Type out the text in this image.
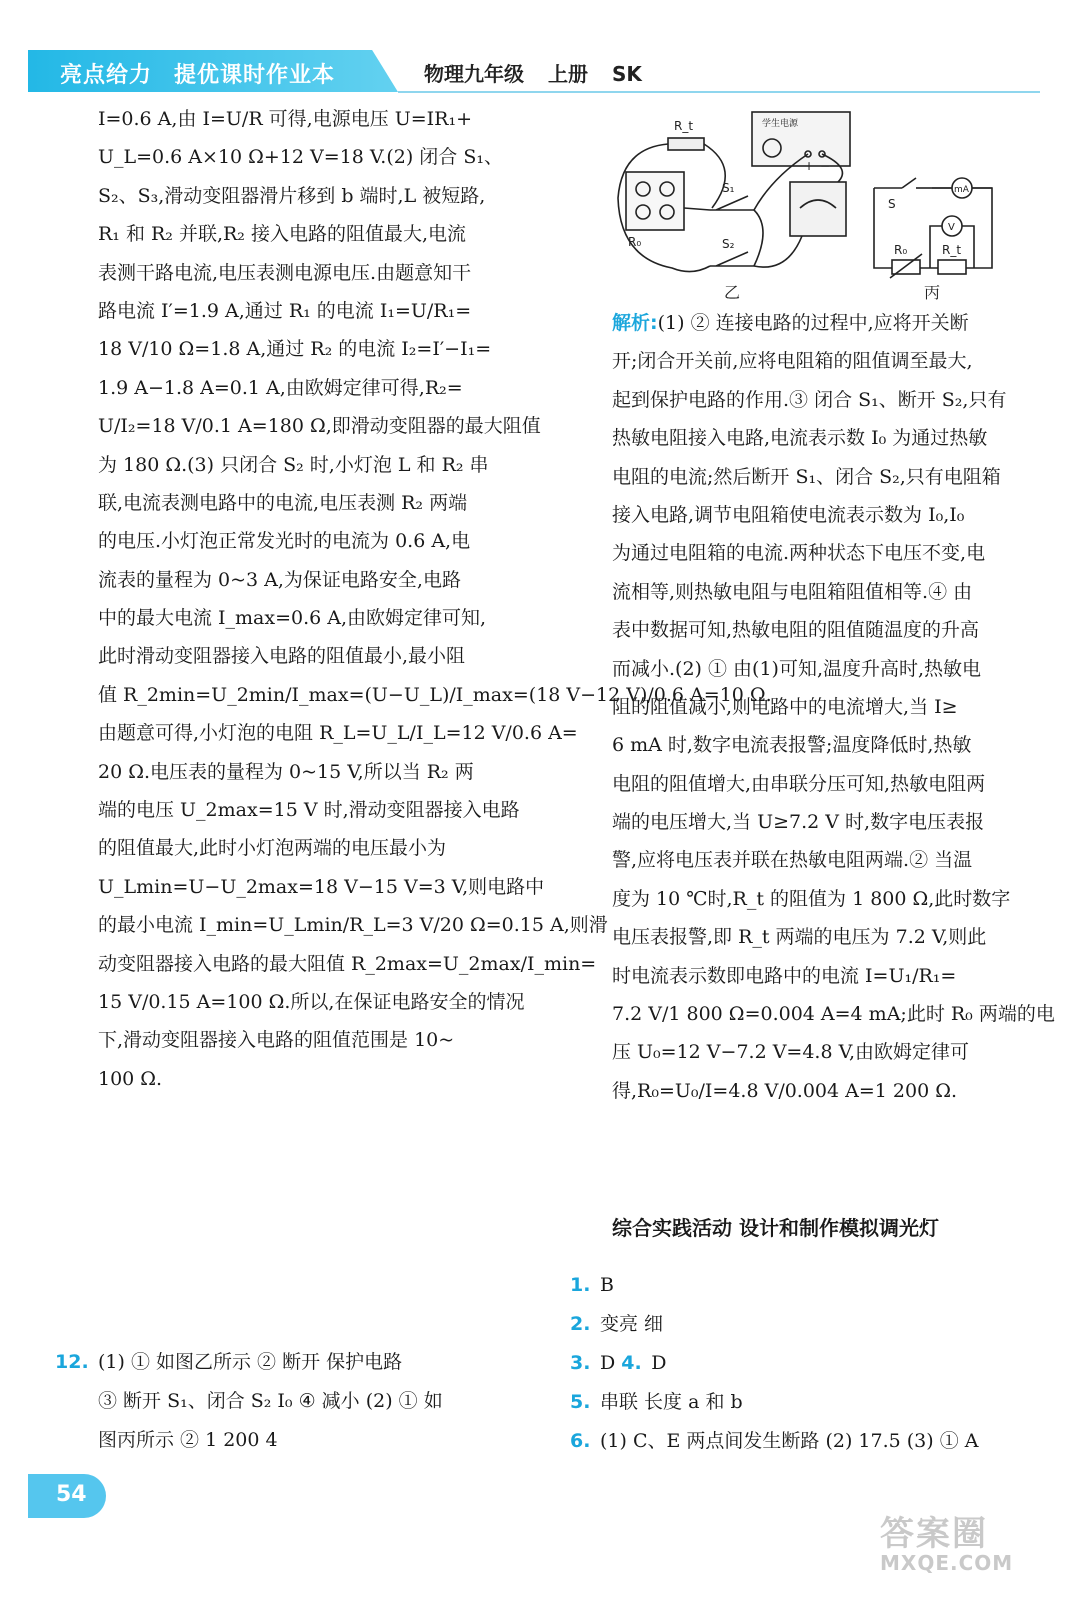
亮点给力 提优课时作业本	物理九年级 上册 SK
I=0.6 A,由 I=U/R 可得,电源电压 U=IR₁+
U_L=0.6 A×10 Ω+12 V=18 V.(2) 闭合 S₁、
S₂、S₃,滑动变阻器滑片移到 b 端时,L 被短路,
R₁ 和 R₂ 并联,R₂ 接入电路的阻值最大,电流
表测干路电流,电压表测电源电压.由题意知干
路电流 I′=1.9 A,通过 R₁ 的电流 I₁=U/R₁=
18 V/10 Ω=1.8 A,通过 R₂ 的电流 I₂=I′−I₁=
1.9 A−1.8 A=0.1 A,由欧姆定律可得,R₂=
U/I₂=18 V/0.1 A=180 Ω,即滑动变阻器的最大阻值
为 180 Ω.(3) 只闭合 S₂ 时,小灯泡 L 和 R₂ 串
联,电流表测电路中的电流,电压表测 R₂ 两端
的电压.小灯泡正常发光时的电流为 0.6 A,电
流表的量程为 0~3 A,为保证电路安全,电路
中的最大电流 I_max=0.6 A,由欧姆定律可知,
此时滑动变阻器接入电路的阻值最小,最小阻
值 R_2min=U_2min/I_max=(U−U_L)/I_max=(18 V−12 V)/0.6 A=10 Ω.
由题意可得,小灯泡的电阻 R_L=U_L/I_L=12 V/0.6 A=
20 Ω.电压表的量程为 0~15 V,所以当 R₂ 两
端的电压 U_2max=15 V 时,滑动变阻器接入电路
的阻值最大,此时小灯泡两端的电压最小为
U_Lmin=U−U_2max=18 V−15 V=3 V,则电路中
的最小电流 I_min=U_Lmin/R_L=3 V/20 Ω=0.15 A,则滑
动变阻器接入电路的最大阻值 R_2max=U_2max/I_min=
15 V/0.15 A=100 Ω.所以,在保证电路安全的情况
下,滑动变阻器接入电路的阻值范围是 10~
100 Ω.
12. (1) ① 如图乙所示 ② 断开 保护电路
③ 断开 S₁、闭合 S₂ I₀ ④ 减小 (2) ① 如
图丙所示 ② 1 200 4
学生电源
R_t
R₀
S₁
S₂
S
mA
V
R₀	R_t
+ −
乙	丙
解析:(1) ② 连接电路的过程中,应将开关断
开;闭合开关前,应将电阻箱的阻值调至最大,
起到保护电路的作用.③ 闭合 S₁、断开 S₂,只有
热敏电阻接入电路,电流表示数 I₀ 为通过热敏
电阻的电流;然后断开 S₁、闭合 S₂,只有电阻箱
接入电路,调节电阻箱使电流表示数为 I₀,I₀
为通过电阻箱的电流.两种状态下电压不变,电
流相等,则热敏电阻与电阻箱阻值相等.④ 由
表中数据可知,热敏电阻的阻值随温度的升高
而减小.(2) ① 由(1)可知,温度升高时,热敏电
阻的阻值减小,则电路中的电流增大,当 I≥
6 mA 时,数字电流表报警;温度降低时,热敏
电阻的阻值增大,由串联分压可知,热敏电阻两
端的电压增大,当 U≥7.2 V 时,数字电压表报
警,应将电压表并联在热敏电阻两端.② 当温
度为 10 ℃时,R_t 的阻值为 1 800 Ω,此时数字
电压表报警,即 R_t 两端的电压为 7.2 V,则此
时电流表示数即电路中的电流 I=U₁/R₁=
7.2 V/1 800 Ω=0.004 A=4 mA;此时 R₀ 两端的电
压 U₀=12 V−7.2 V=4.8 V,由欧姆定律可
得,R₀=U₀/I=4.8 V/0.004 A=1 200 Ω.
综合实践活动 设计和制作模拟调光灯
1. B
2. 变亮 细
3. D 4. D
5. 串联 长度 a 和 b
6. (1) C、E 两点间发生断路 (2) 17.5 (3) ① A
54
答案圈
MXQE.COM
